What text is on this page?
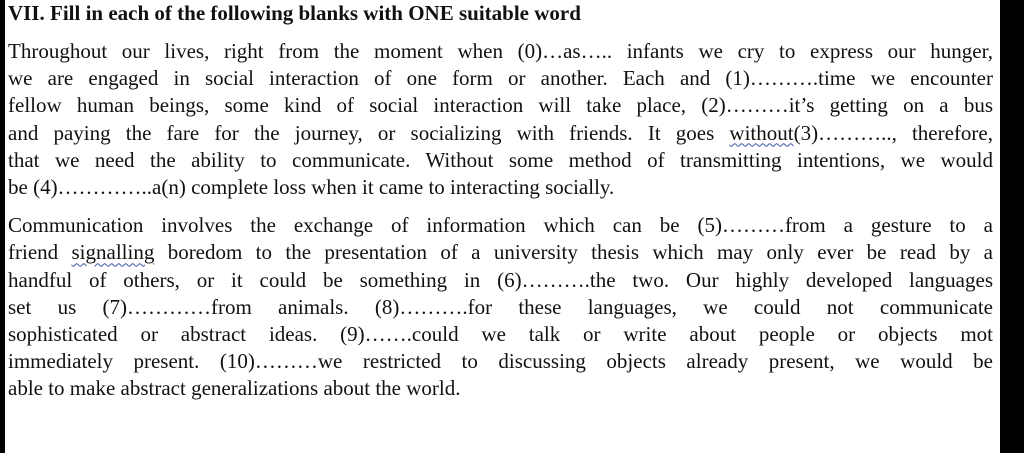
VII. Fill in each of the following blanks with ONE suitable word

Throughout our lives, right from the moment when (0)…as….. infants we cry to express our hunger,
we are engaged in social interaction of one form or another. Each and (1)……….time we encounter
fellow human beings, some kind of social interaction will take place, (2)………it’s getting on a bus
and paying the fare for the journey, or socializing with friends. It goes without(3)……….., therefore,
that we need the ability to communicate. Without some method of transmitting intentions, we would
be (4)…………..a(n) complete loss when it came to interacting socially.

Communication involves the exchange of information which can be (5)………from a gesture to a
friend signalling boredom to the presentation of a university thesis which may only ever be read by a
handful of others, or it could be something in (6)……….the two. Our highly developed languages
set us (7)…………from animals. (8)……….for these languages, we could not communicate
sophisticated or abstract ideas. (9)…….could we talk or write about people or objects mot
immediately present. (10)………we restricted to discussing objects already present, we would be
able to make abstract generalizations about the world.
